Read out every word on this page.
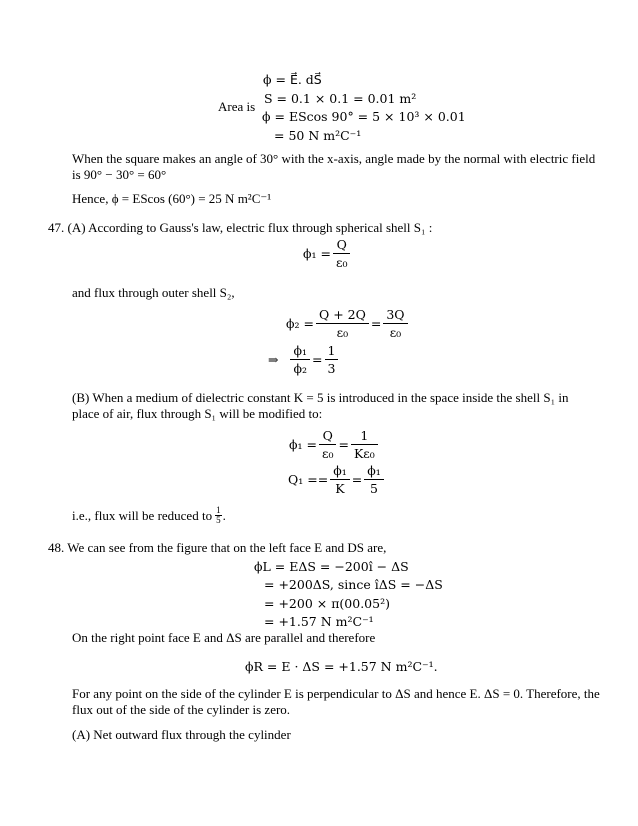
Area is
ϕ = E⃗. dS⃗
S = 0.1 × 0.1 = 0.01 m²
ϕ = EScos 90° = 5 × 10³ × 0.01
= 50 N m²C⁻¹
When the square makes an angle of 30° with the x-axis, angle made by the normal with electric field
is 90° − 30° = 60°
Hence, ϕ = EScos (60°) = 25 N m²C⁻¹
47. (A) According to Gauss's law, electric flux through spherical shell S₁ :
$\phi_1 = \frac{Q}{\text{ε₀}}$
and flux through outer shell S₂,
$\phi_2 = \frac{Q + 2Q}{\text{ε₀}} = \frac{3Q}{\text{ε₀}}$
⇒ $\frac{\text{ϕ₁}}{\text{ϕ₂}} = \frac{1}{3}$
(B) When a medium of dielectric constant K = 5 is introduced in the space inside the shell S₁ in
place of air, flux through S₁ will be modified to:
$\phi_1 = \frac{Q}{\text{ε₀}} = \frac{1}{\text{Kε₀}}$
$Q_1 == \frac{\text{ϕ₁}}{K} = \frac{\text{ϕ₁}}{5}$
i.e., flux will be reduced to $\frac{1}{5}$ .
48. We can see from the figure that on the left face E and DS are,
ϕL = EΔS = −200î − ΔS
= +200ΔS, since îΔS = −ΔS
= +200 × π(00.05²)
= +1.57 N m²C⁻¹
On the right point face E and ΔS are parallel and therefore
ϕR = E · ΔS = +1.57 N m²C⁻¹.
For any point on the side of the cylinder E is perpendicular to ΔS and hence E. ΔS = 0. Therefore, the
flux out of the side of the cylinder is zero.
(A) Net outward flux through the cylinder
